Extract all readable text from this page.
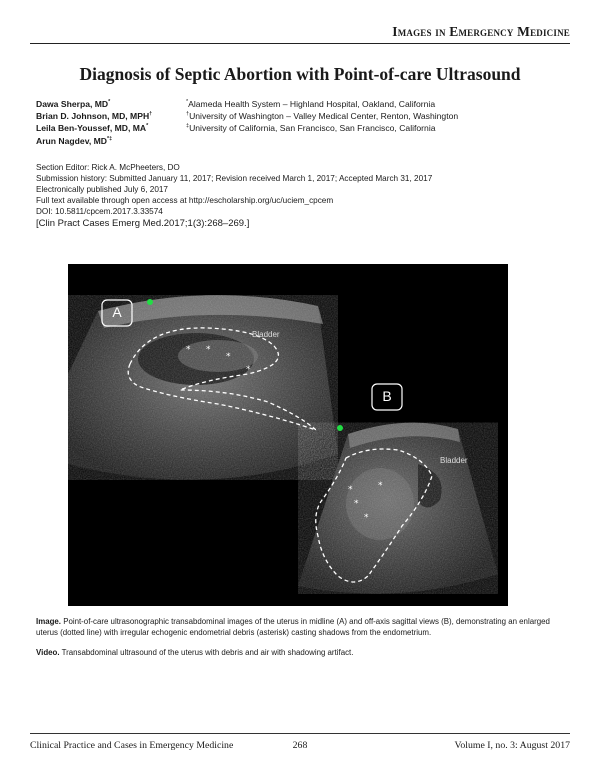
Images in Emergency Medicine
Diagnosis of Septic Abortion with Point-of-care Ultrasound
Dawa Sherpa, MD*
Brian D. Johnson, MD, MPH†
Leila Ben-Youssef, MD, MA*
Arun Nagdev, MD*‡
*Alameda Health System – Highland Hospital, Oakland, California
†University of Washington – Valley Medical Center, Renton, Washington
‡University of California, San Francisco, San Francisco, California
Section Editor: Rick A. McPheeters, DO
Submission history: Submitted January 11, 2017; Revision received March 1, 2017; Accepted March 31, 2017
Electronically published July 6, 2017
Full text available through open access at http://escholarship.org/uc/uciem_cpcem
DOI: 10.5811/cpcem.2017.3.33574
[Clin Pract Cases Emerg Med.2017;1(3):268–269.]
* *
*
*
*	*
*
*
A
B
Bladder
Bladder

Image. Point-of-care ultrasonographic transabdominal images of the uterus in midline (A) and off-axis sagittal views (B), demonstrating an enlarged uterus (dotted line) with irregular echogenic endometrial debris (asterisk) casting shadows from the endometrium.

Video. Transabdominal ultrasound of the uterus with debris and air with shadowing artifact.

Clinical Practice and Cases in Emergency Medicine	268	Volume I, no. 3: August 2017
